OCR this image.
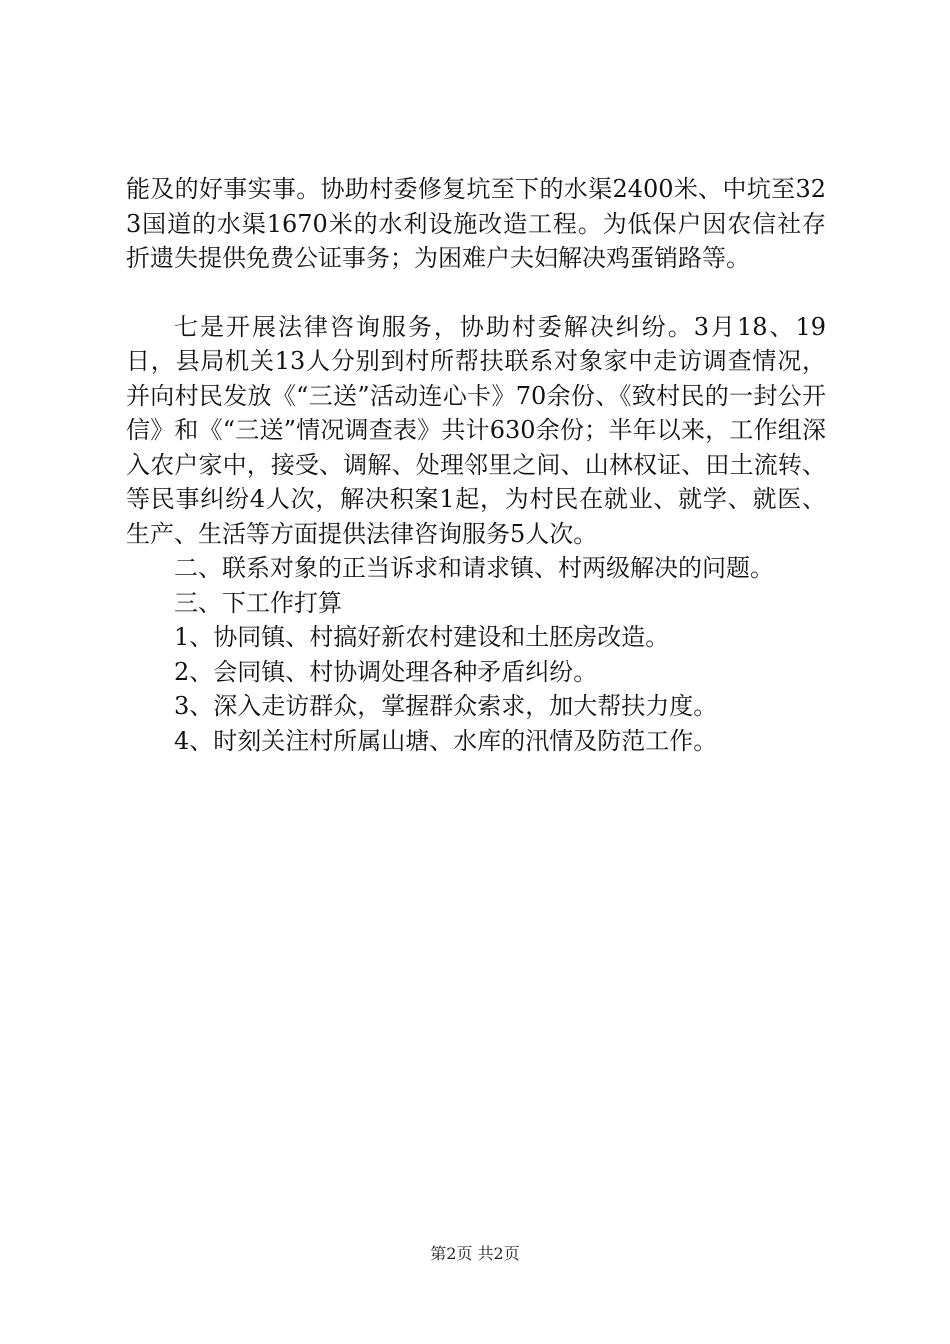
能及的好事实事。协助村委修复坑至下的水渠2400米、中坑至323国道的水渠1670米的水利设施改造工程。为低保户因农信社存折遗失提供免费公证事务；为困难户夫妇解决鸡蛋销路等。

七是开展法律咨询服务，协助村委解决纠纷。3月18、19日，县局机关13人分别到村所帮扶联系对象家中走访调查情况，并向村民发放《“三送”活动连心卡》70余份、《致村民的一封公开信》和《“三送”情况调查表》共计630余份；半年以来，工作组深入农户家中，接受、调解、处理邻里之间、山林权证、田土流转、等民事纠纷4人次，解决积案1起，为村民在就业、就学、就医、生产、生活等方面提供法律咨询服务5人次。

二、联系对象的正当诉求和请求镇、村两级解决的问题。

三、下工作打算

1、协同镇、村搞好新农村建设和土胚房改造。

2、会同镇、村协调处理各种矛盾纠纷。

3、深入走访群众，掌握群众索求，加大帮扶力度。

4、时刻关注村所属山塘、水库的汛情及防范工作。

第2页 共2页
